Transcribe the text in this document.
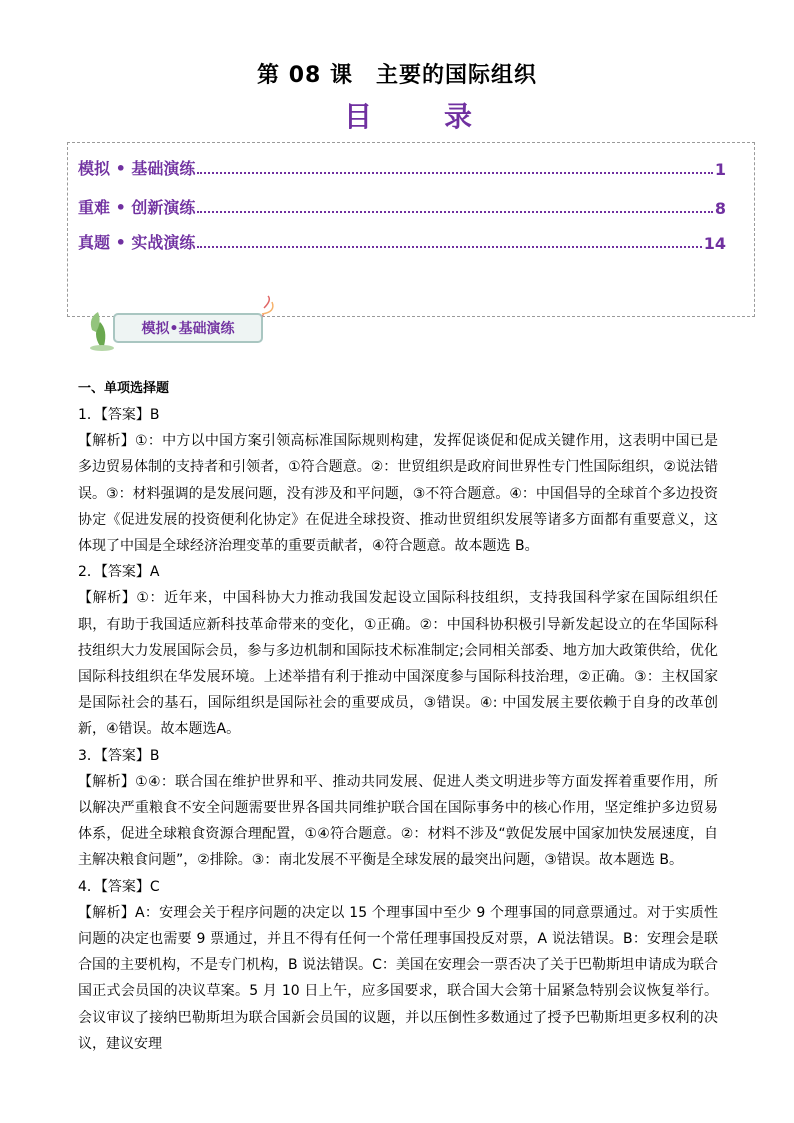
第 08 课　主要的国际组织
目　录
模拟 • 基础演练	1
重难 • 创新演练	8
真题 • 实战演练	14
模拟•基础演练
一、单项选择题
1．【答案】B
【解析】①：中方以中国方案引领高标准国际规则构建，发挥促谈促和促成关键作用，这表明中国已是多边贸易体制的支持者和引领者，①符合题意。②：世贸组织是政府间世界性专门性国际组织，②说法错误。③：材料强调的是发展问题，没有涉及和平问题，③不符合题意。④：中国倡导的全球首个多边投资协定《促进发展的投资便利化协定》在促进全球投资、推动世贸组织发展等诸多方面都有重要意义，这体现了中国是全球经济治理变革的重要贡献者，④符合题意。故本题选 B。
2．【答案】A
【解析】①：近年来，中国科协大力推动我国发起设立国际科技组织，支持我国科学家在国际组织任职，有助于我国适应新科技革命带来的变化，①正确。②：中国科协积极引导新发起设立的在华国际科技组织大力发展国际会员，参与多边机制和国际技术标准制定;会同相关部委、地方加大政策供给，优化国际科技组织在华发展环境。上述举措有利于推动中国深度参与国际科技治理，②正确。③：主权国家是国际社会的基石，国际组织是国际社会的重要成员，③错误。④: 中国发展主要依赖于自身的改革创新，④错误。故本题选A。
3．【答案】B
【解析】①④：联合国在维护世界和平、推动共同发展、促进人类文明进步等方面发挥着重要作用，所以解决严重粮食不安全问题需要世界各国共同维护联合国在国际事务中的核心作用，坚定维护多边贸易体系，促进全球粮食资源合理配置，①④符合题意。②：材料不涉及“敦促发展中国家加快发展速度，自主解决粮食问题”，②排除。③：南北发展不平衡是全球发展的最突出问题，③错误。故本题选 B。
4．【答案】C
【解析】A：安理会关于程序问题的决定以 15 个理事国中至少 9 个理事国的同意票通过。对于实质性问题的决定也需要 9 票通过，并且不得有任何一个常任理事国投反对票，A 说法错误。B：安理会是联合国的主要机构，不是专门机构，B 说法错误。C：美国在安理会一票否决了关于巴勒斯坦申请成为联合国正式会员国的决议草案。5 月 10 日上午，应多国要求，联合国大会第十届紧急特别会议恢复举行。会议审议了接纳巴勒斯坦为联合国新会员国的议题，并以压倒性多数通过了授予巴勒斯坦更多权利的决议，建议安理
